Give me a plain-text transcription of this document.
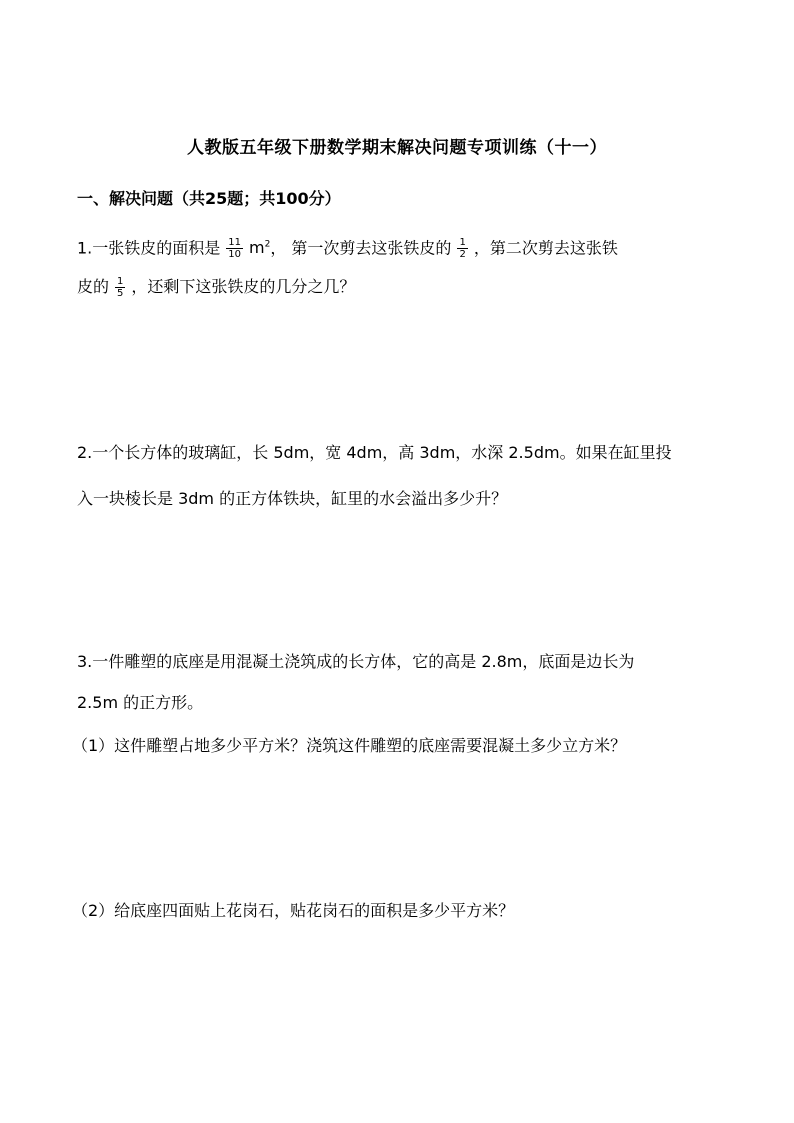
人教版五年级下册数学期末解决问题专项训练（十一）
一、解决问题（共25题；共100分）
1.一张铁皮的面积是 $\frac{11}{10} m^2$， 第一次剪去这张铁皮的 $\frac{1}{2}$ ，第二次剪去这张铁
皮的 $\frac{1}{5}$ ，还剩下这张铁皮的几分之几？
2.一个长方体的玻璃缸，长 5dm，宽 4dm，高 3dm，水深 2.5dm。如果在缸里投
入一块棱长是 3dm 的正方体铁块，缸里的水会溢出多少升？
3.一件雕塑的底座是用混凝土浇筑成的长方体，它的高是 2.8m，底面是边长为
2.5m 的正方形。
（1）这件雕塑占地多少平方米？浇筑这件雕塑的底座需要混凝土多少立方米？
（2）给底座四面贴上花岗石，贴花岗石的面积是多少平方米？
